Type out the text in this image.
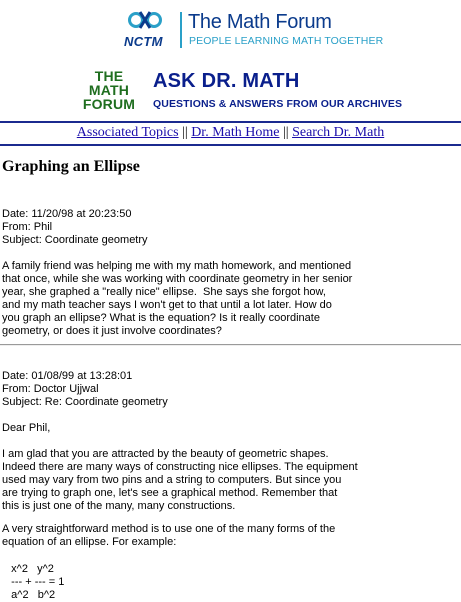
NCTM
The Math Forum
PEOPLE LEARNING MATH TOGETHER
THE
MATH
FORUM
ASK DR. MATH
QUESTIONS & ANSWERS FROM OUR ARCHIVES
Associated Topics || Dr. Math Home || Search Dr. Math
Graphing an Ellipse
Date: 11/20/98 at 20:23:50
From: Phil
Subject: Coordinate geometry
A family friend was helping me with my math homework, and mentioned
that once, while she was working with coordinate geometry in her senior
year, she graphed a "really nice" ellipse.  She says she forgot how,
and my math teacher says I won't get to that until a lot later. How do
you graph an ellipse? What is the equation? Is it really coordinate
geometry, or does it just involve coordinates?
Date: 01/08/99 at 13:28:01
From: Doctor Ujjwal
Subject: Re: Coordinate geometry
Dear Phil,
I am glad that you are attracted by the beauty of geometric shapes.
Indeed there are many ways of constructing nice ellipses. The equipment
used may vary from two pins and a string to computers. But since you
are trying to graph one, let's see a graphical method. Remember that
this is just one of the many, many constructions.
A very straightforward method is to use one of the many forms of the
equation of an ellipse. For example:
x^2   y^2
--- + --- = 1
a^2   b^2
